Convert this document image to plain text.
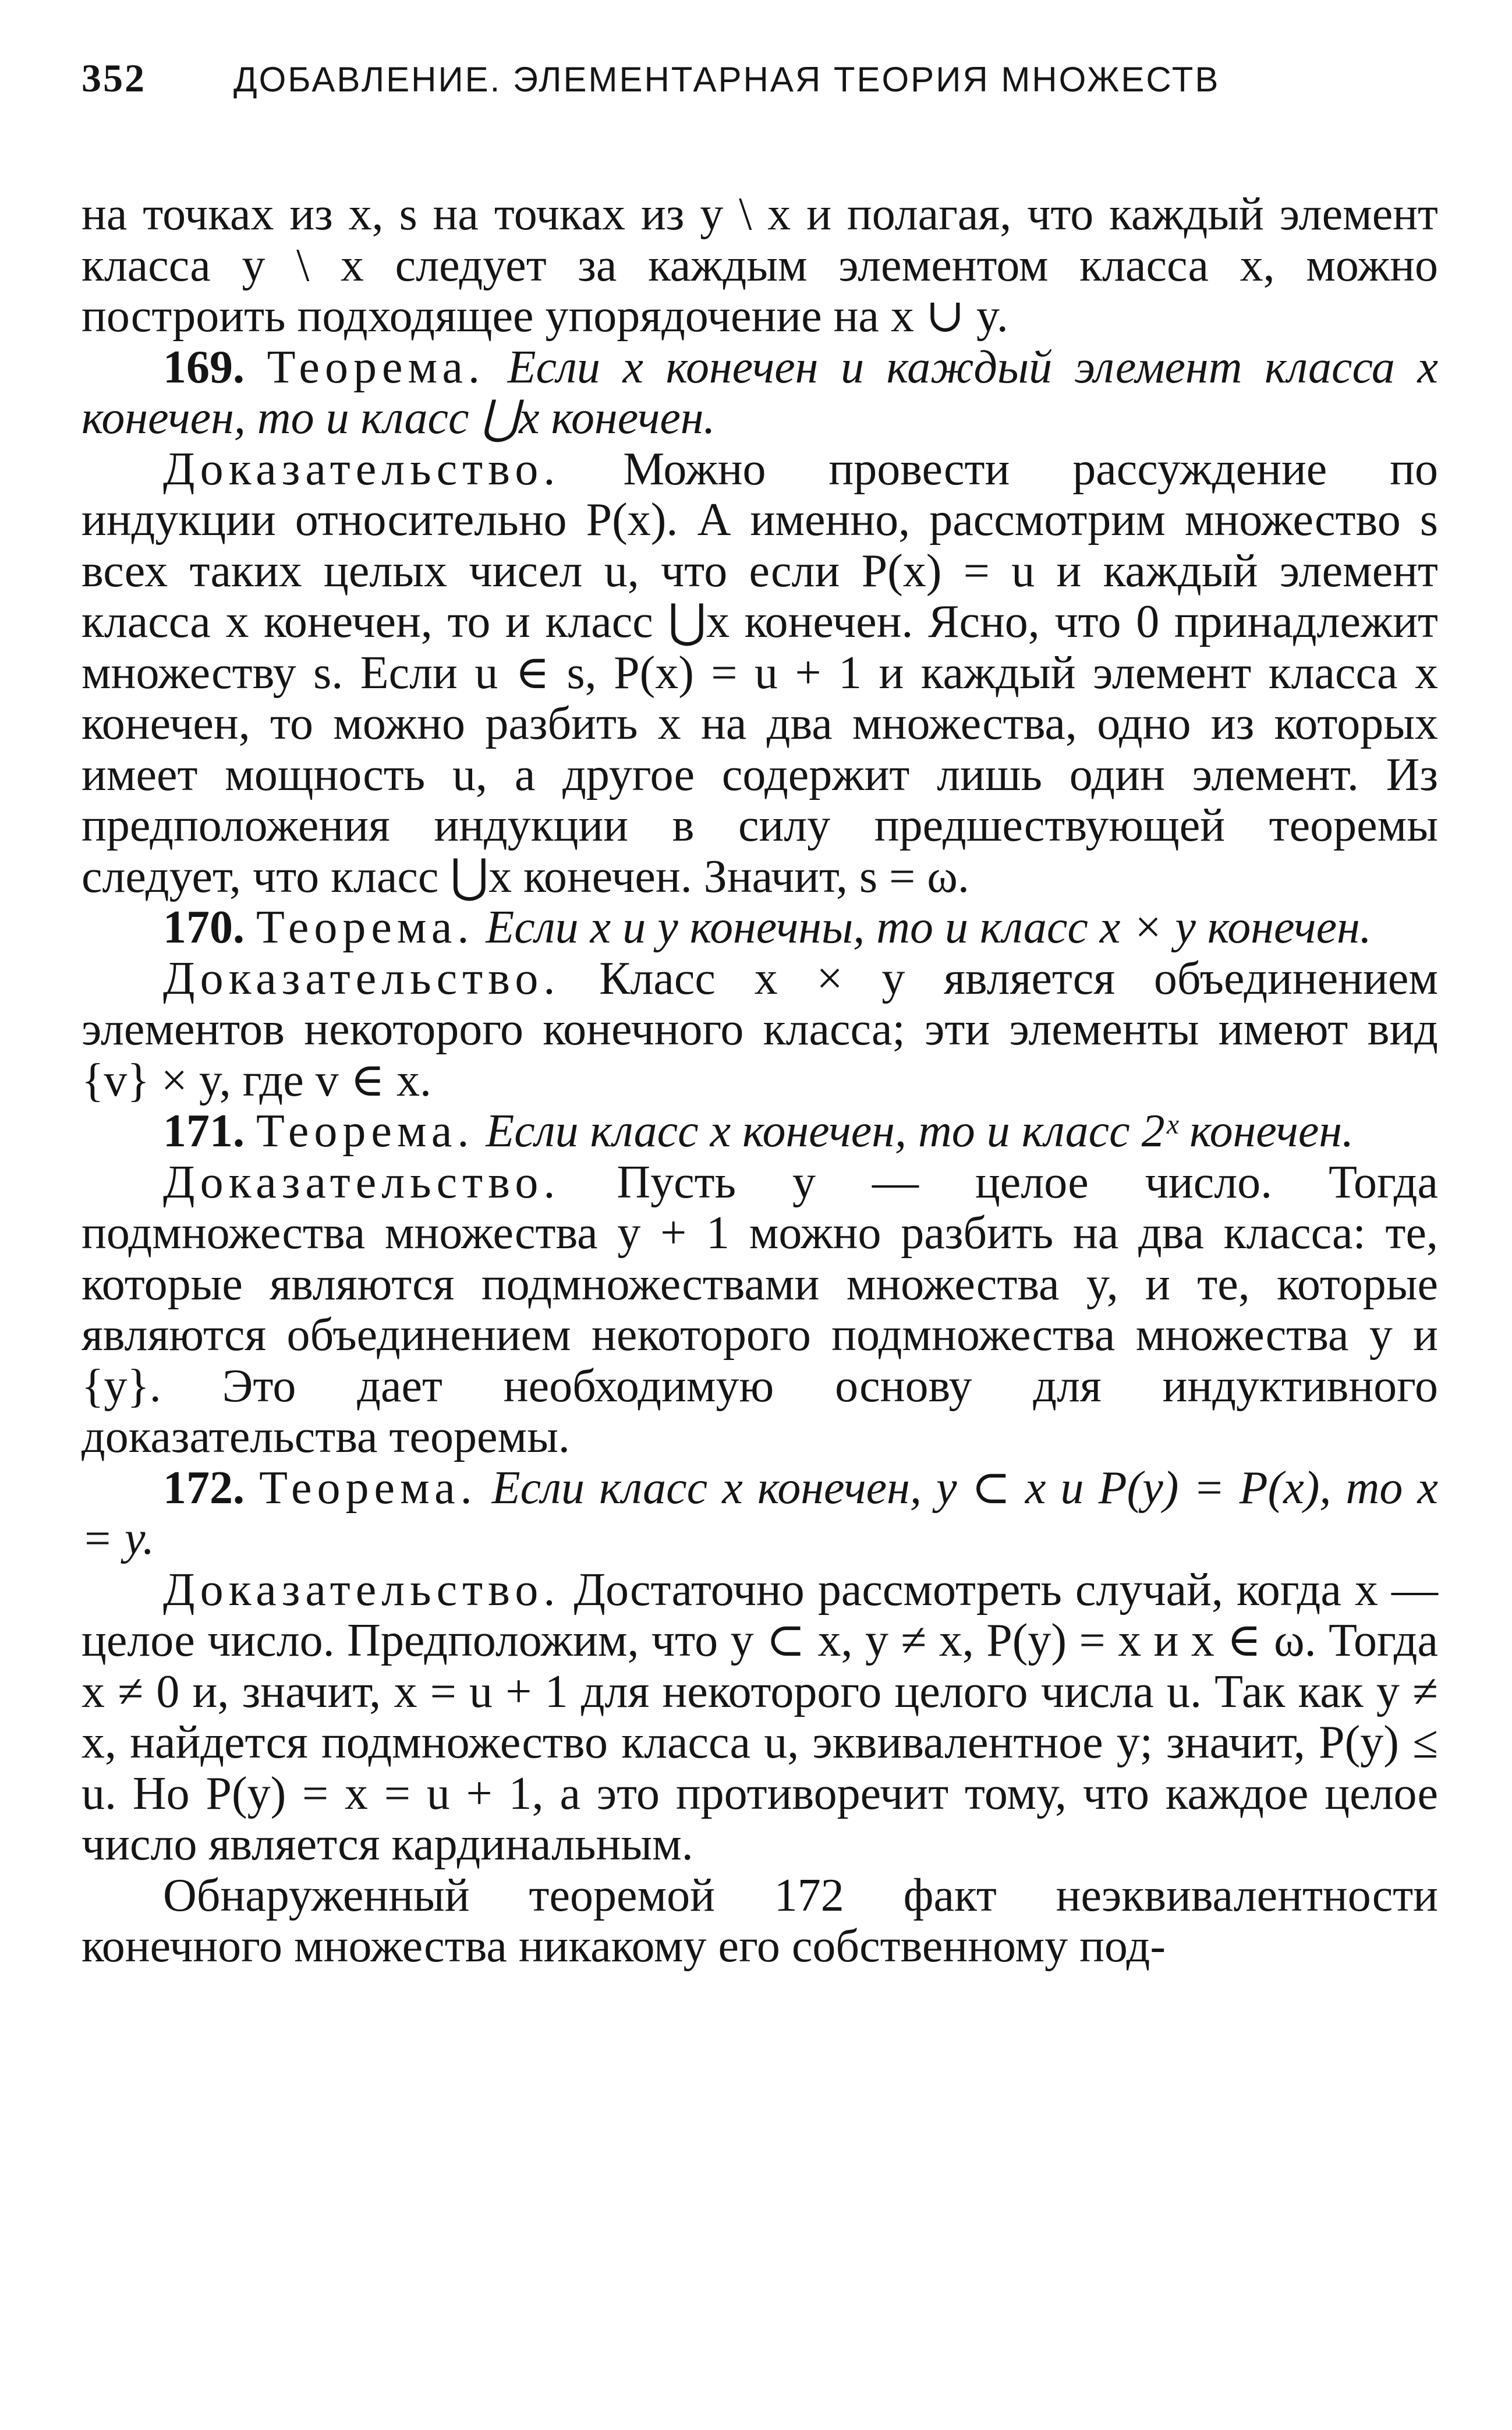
352	ДОБАВЛЕНИЕ. ЭЛЕМЕНТАРНАЯ ТЕОРИЯ МНОЖЕСТВ

на точках из x, s на точках из y \ x и полагая, что каждый элемент класса y \ x следует за каждым элементом класса x, можно построить подходящее упорядочение на x ∪ y.

169. Теорема. Если x конечен и каждый элемент класса x конечен, то и класс ⋃x конечен.

Доказательство. Можно провести рассуждение по индукции относительно P(x). А именно, рассмотрим множество s всех таких целых чисел u, что если P(x) = u и каждый элемент класса x конечен, то и класс ⋃x конечен. Ясно, что 0 принадлежит множеству s. Если u ∈ s, P(x) = u + 1 и каждый элемент класса x конечен, то можно разбить x на два множества, одно из которых имеет мощность u, а другое содержит лишь один элемент. Из предположения индукции в силу предшествующей теоремы следует, что класс ⋃x конечен. Значит, s = ω.

170. Теорема. Если x и y конечны, то и класс x × y конечен.

Доказательство. Класс x × y является объединением элементов некоторого конечного класса; эти элементы имеют вид {v} × y, где v ∈ x.

171. Теорема. Если класс x конечен, то и класс 2ˣ конечен.

Доказательство. Пусть y — целое число. Тогда подмножества множества y + 1 можно разбить на два класса: те, которые являются подмножествами множества y, и те, которые являются объединением некоторого подмножества множества y и {y}. Это дает необходимую основу для индуктивного доказательства теоремы.

172. Теорема. Если класс x конечен, y ⊂ x и P(y) = P(x), то x = y.

Доказательство. Достаточно рассмотреть случай, когда x — целое число. Предположим, что y ⊂ x, y ≠ x, P(y) = x и x ∈ ω. Тогда x ≠ 0 и, значит, x = u + 1 для некоторого целого числа u. Так как y ≠ x, найдется подмножество класса u, эквивалентное y; значит, P(y) ≤ u. Но P(y) = x = u + 1, а это противоречит тому, что каждое целое число является кардинальным.

Обнаруженный теоремой 172 факт неэквивалентности конечного множества никакому его собственному под-
